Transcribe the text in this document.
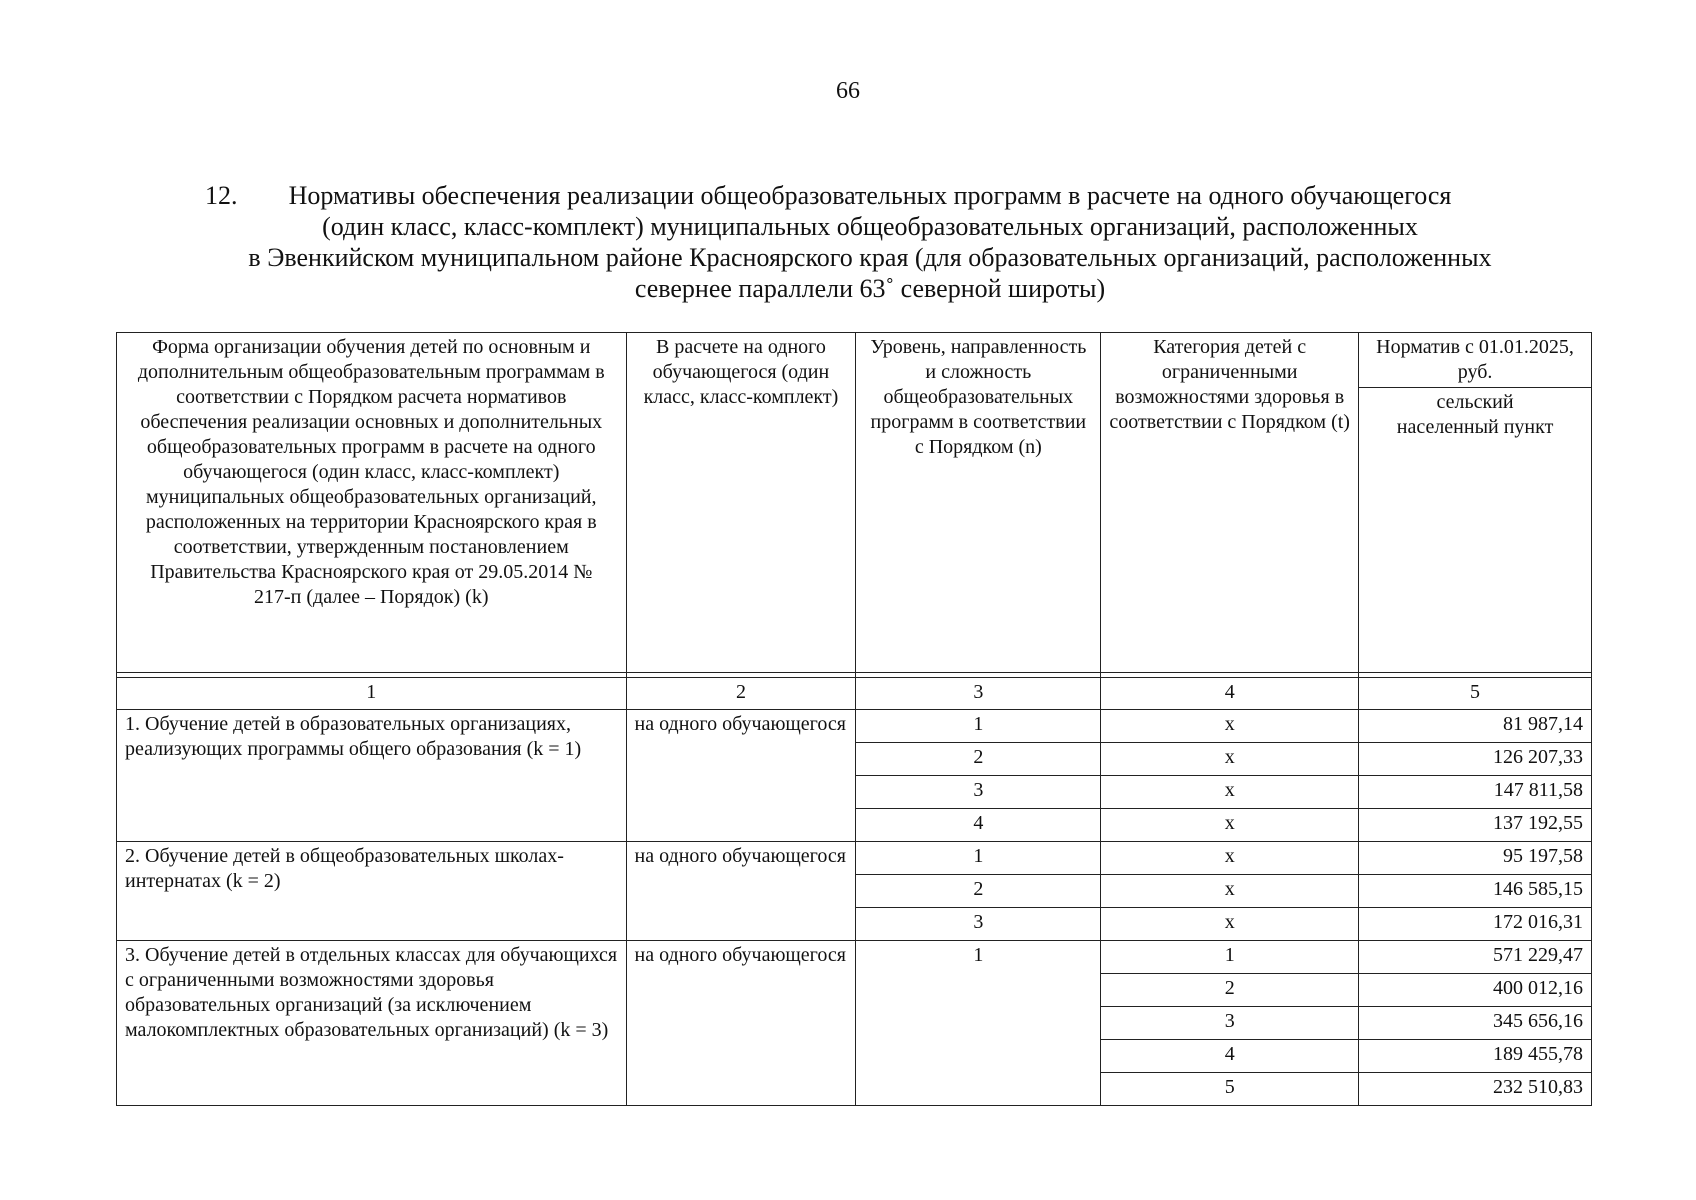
66
12.	Нормативы обеспечения реализации общеобразовательных программ в расчете на одного обучающегося
(один класс, класс-комплект) муниципальных общеобразовательных организаций, расположенных
в Эвенкийском муниципальном районе Красноярского края (для образовательных организаций, расположенных
севернее параллели 63˚ северной широты)
Форма организации обучения детей по основным и дополнительным общеобразовательным программам в соответствии с Порядком расчета нормативов обеспечения реализации основных и дополнительных общеобразовательных программ в расчете на одного обучающегося (один класс, класс-комплект) муниципальных общеобразовательных организаций, расположенных на территории Красноярского края в соответствии, утвержденным постановлением Правительства Красноярского края от 29.05.2014 № 217-п (далее – Порядок) (k)	В расчете на одного обучающегося (один класс, класс-комплект)	Уровень, направленность и сложность общеобразовательных программ в соответствии с Порядком (n)	Категория детей с ограниченными возможностями здоровья в соответствии с Порядком (t)	Норматив с 01.01.2025, руб.
сельский населенный пункт

1	2	3	4	5
1. Обучение детей в образовательных организациях, реализующих программы общего образования (k = 1)	на одного обучающегося	1	х	81 987,14
		2	х	126 207,33
		3	х	147 811,58
		4	х	137 192,55
2. Обучение детей в общеобразовательных школах-интернатах (k = 2)	на одного обучающегося	1	х	95 197,58
		2	х	146 585,15
		3	х	172 016,31
3. Обучение детей в отдельных классах для обучающихся с ограниченными возможностями здоровья образовательных организаций (за исключением малокомплектных образовательных организаций) (k = 3)	на одного обучающегося	1	1	571 229,47
			2	400 012,16
			3	345 656,16
			4	189 455,78
			5	232 510,83
